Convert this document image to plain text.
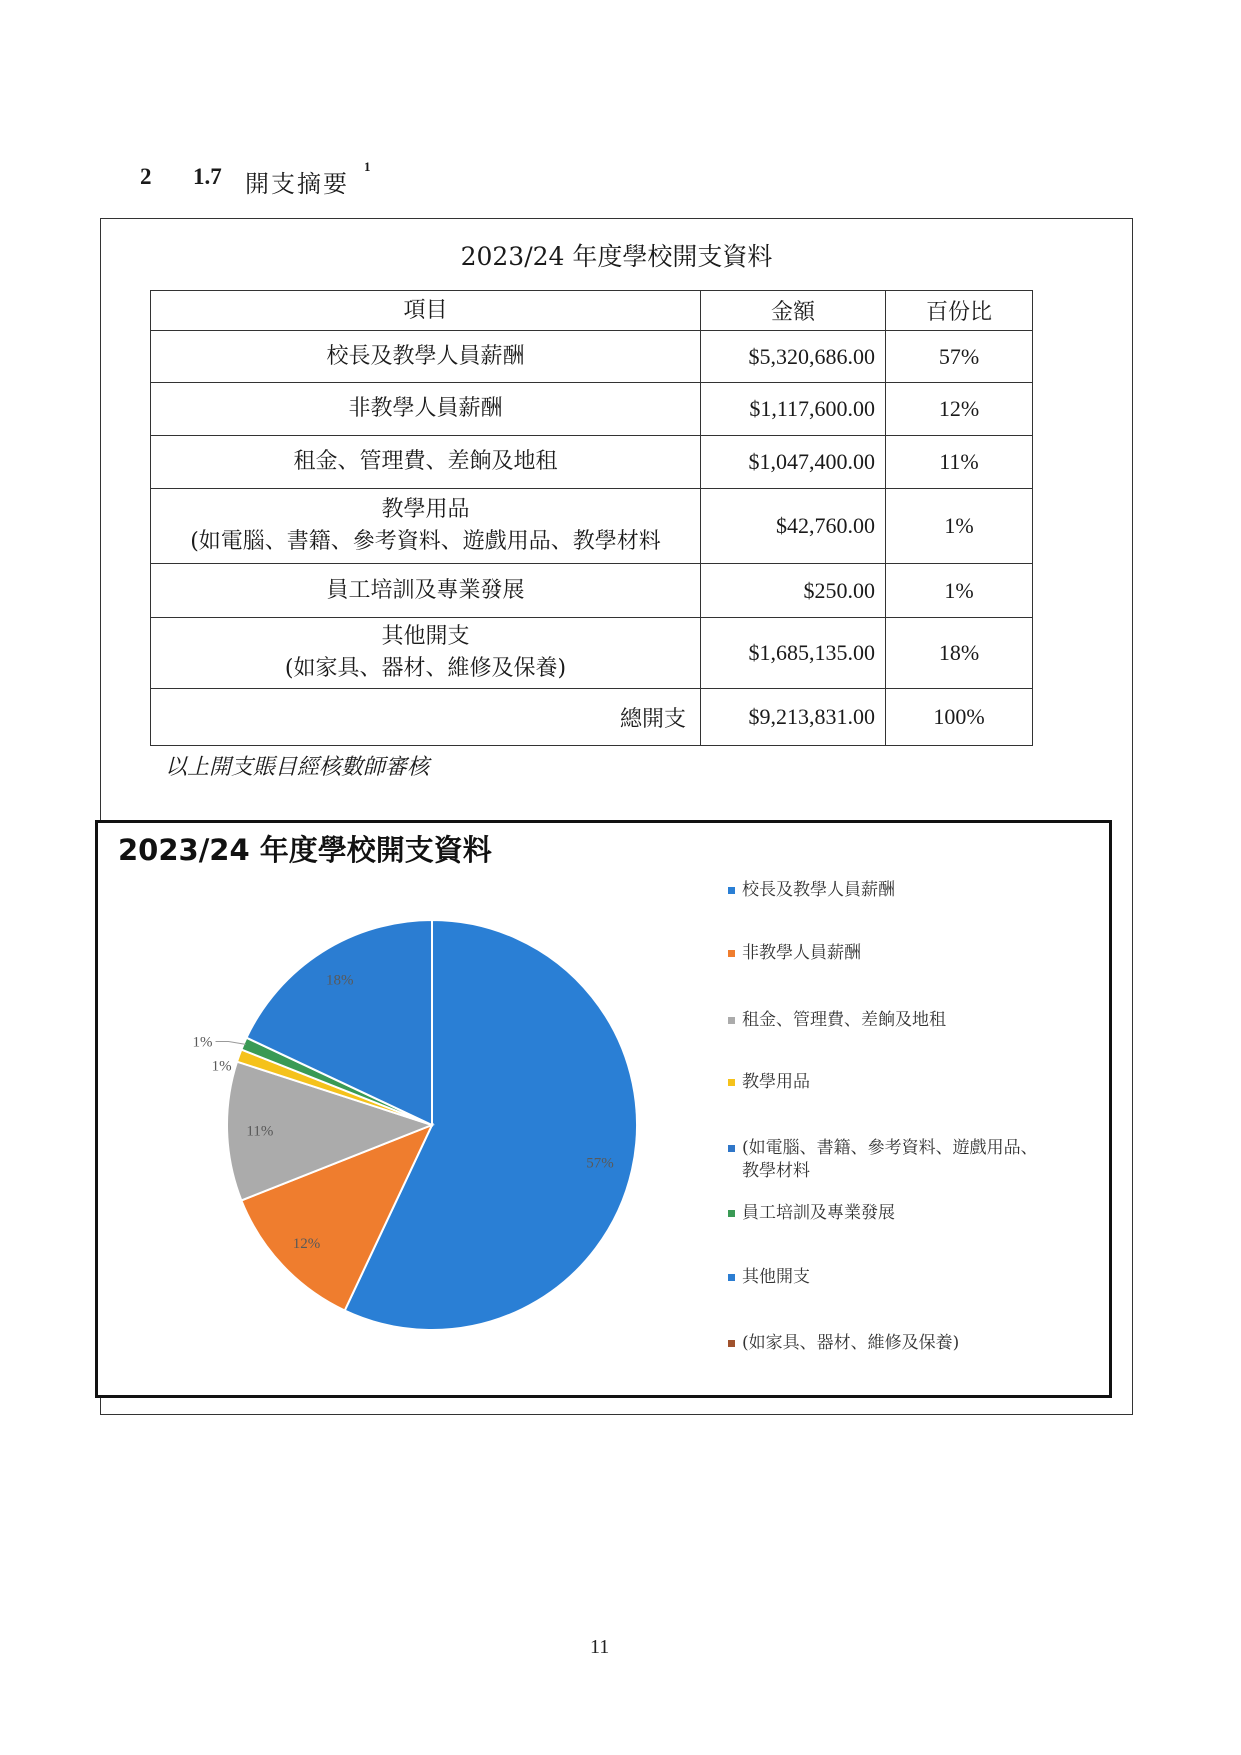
2 1.7 開支摘要
1
2023/24 年度學校開支資料
項目	金額	百份比

校長及教學人員薪酬	$5,320,686.00	57%

非教學人員薪酬	$1,117,600.00	12%

租金、管理費、差餉及地租	$1,047,400.00	11%

教學用品
(如電腦、書籍、參考資料、遊戲用品、教學材料	$42,760.00	1%

員工培訓及專業發展	$250.00	1%

其他開支
(如家具、器材、維修及保養)	$1,685,135.00	18%
總開支	$9,213,831.00	100%
以上開支賬目經核數師審核
2023/24 年度學校開支資料
57%
12%
11%
1%
1%
18%
校長及教學人員薪酬
非教學人員薪酬
租金、管理費、差餉及地租
教學用品
(如電腦、書籍、參考資料、遊戲用品、教學材料
員工培訓及專業發展
其他開支
(如家具、器材、維修及保養)
11
